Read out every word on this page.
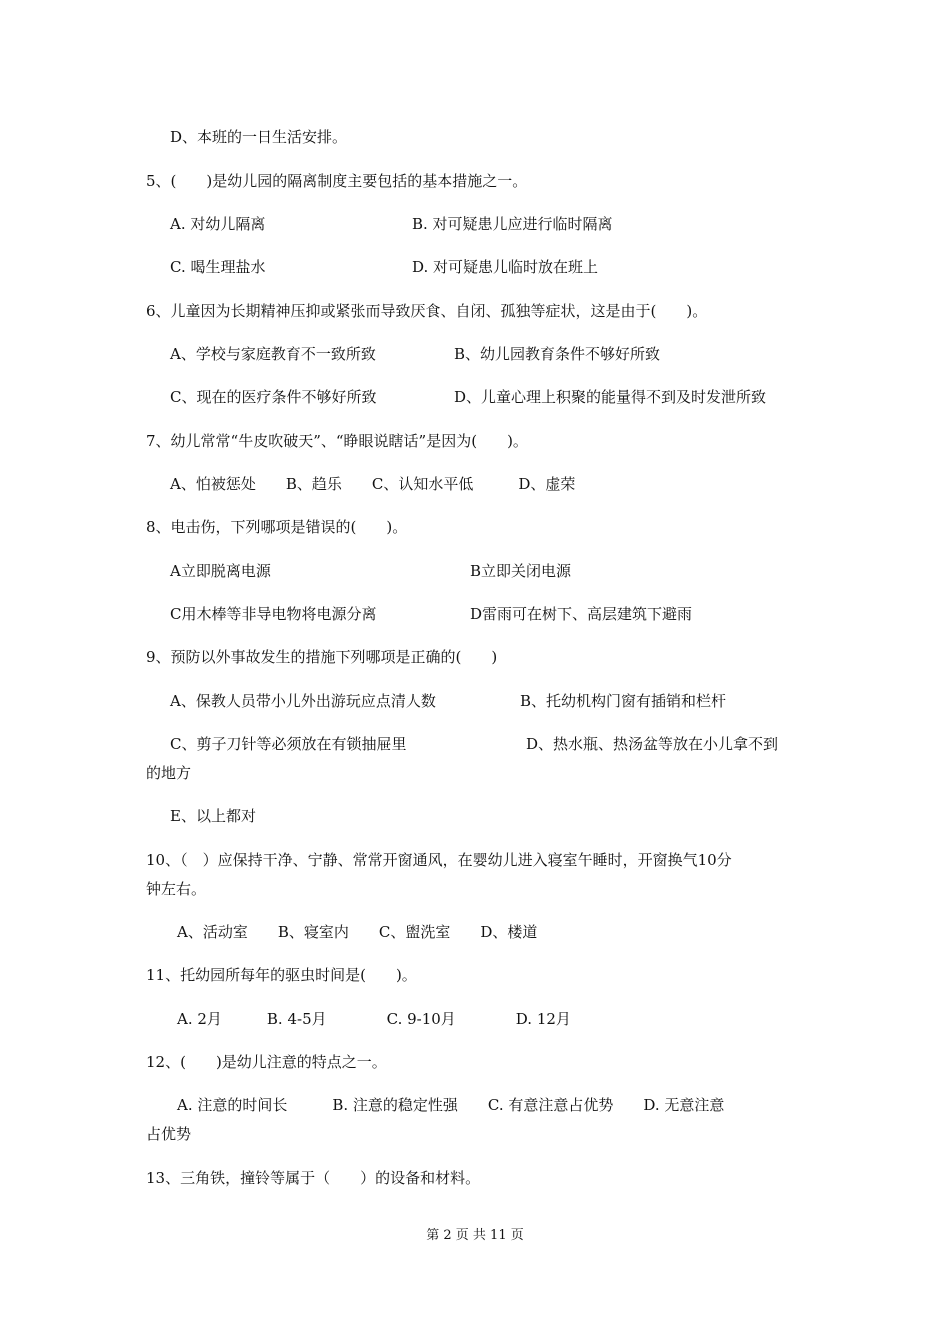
D、本班的一日生活安排。
5、(　　)是幼儿园的隔离制度主要包括的基本措施之一。
A. 对幼儿隔离	B. 对可疑患儿应进行临时隔离
C. 喝生理盐水	D. 对可疑患儿临时放在班上
6、儿童因为长期精神压抑或紧张而导致厌食、自闭、孤独等症状，这是由于(　　)。
A、学校与家庭教育不一致所致	B、幼儿园教育条件不够好所致
C、现在的医疗条件不够好所致	D、儿童心理上积聚的能量得不到及时发泄所致
7、幼儿常常“牛皮吹破天”、“睁眼说瞎话”是因为(　　)。
A、怕被惩处　　B、趋乐　　C、认知水平低　　　D、虚荣
8、电击伤，下列哪项是错误的(　　)。
A立即脱离电源	B立即关闭电源
C用木棒等非导电物将电源分离	D雷雨可在树下、高层建筑下避雨
9、预防以外事故发生的措施下列哪项是正确的(　　)
A、保教人员带小儿外出游玩应点清人数	B、托幼机构门窗有插销和栏杆
C、剪子刀针等必须放在有锁抽屉里	D、热水瓶、热汤盆等放在小儿拿不到
的地方
E、以上都对
10、（　）应保持干净、宁静、常常开窗通风，在婴幼儿进入寝室午睡时，开窗换气10分
钟左右。
A、活动室　　B、寝室内　　C、盥洗室　　D、楼道
11、托幼园所每年的驱虫时间是(　　)。
A. 2月　　　B. 4-5月　　　　C. 9-10月　　　　D. 12月
12、(　　)是幼儿注意的特点之一。
A. 注意的时间长　　　B. 注意的稳定性强　　C. 有意注意占优势　　D. 无意注意
占优势
13、三角铁，撞铃等属于（　　）的设备和材料。
第 2 页 共 11 页
